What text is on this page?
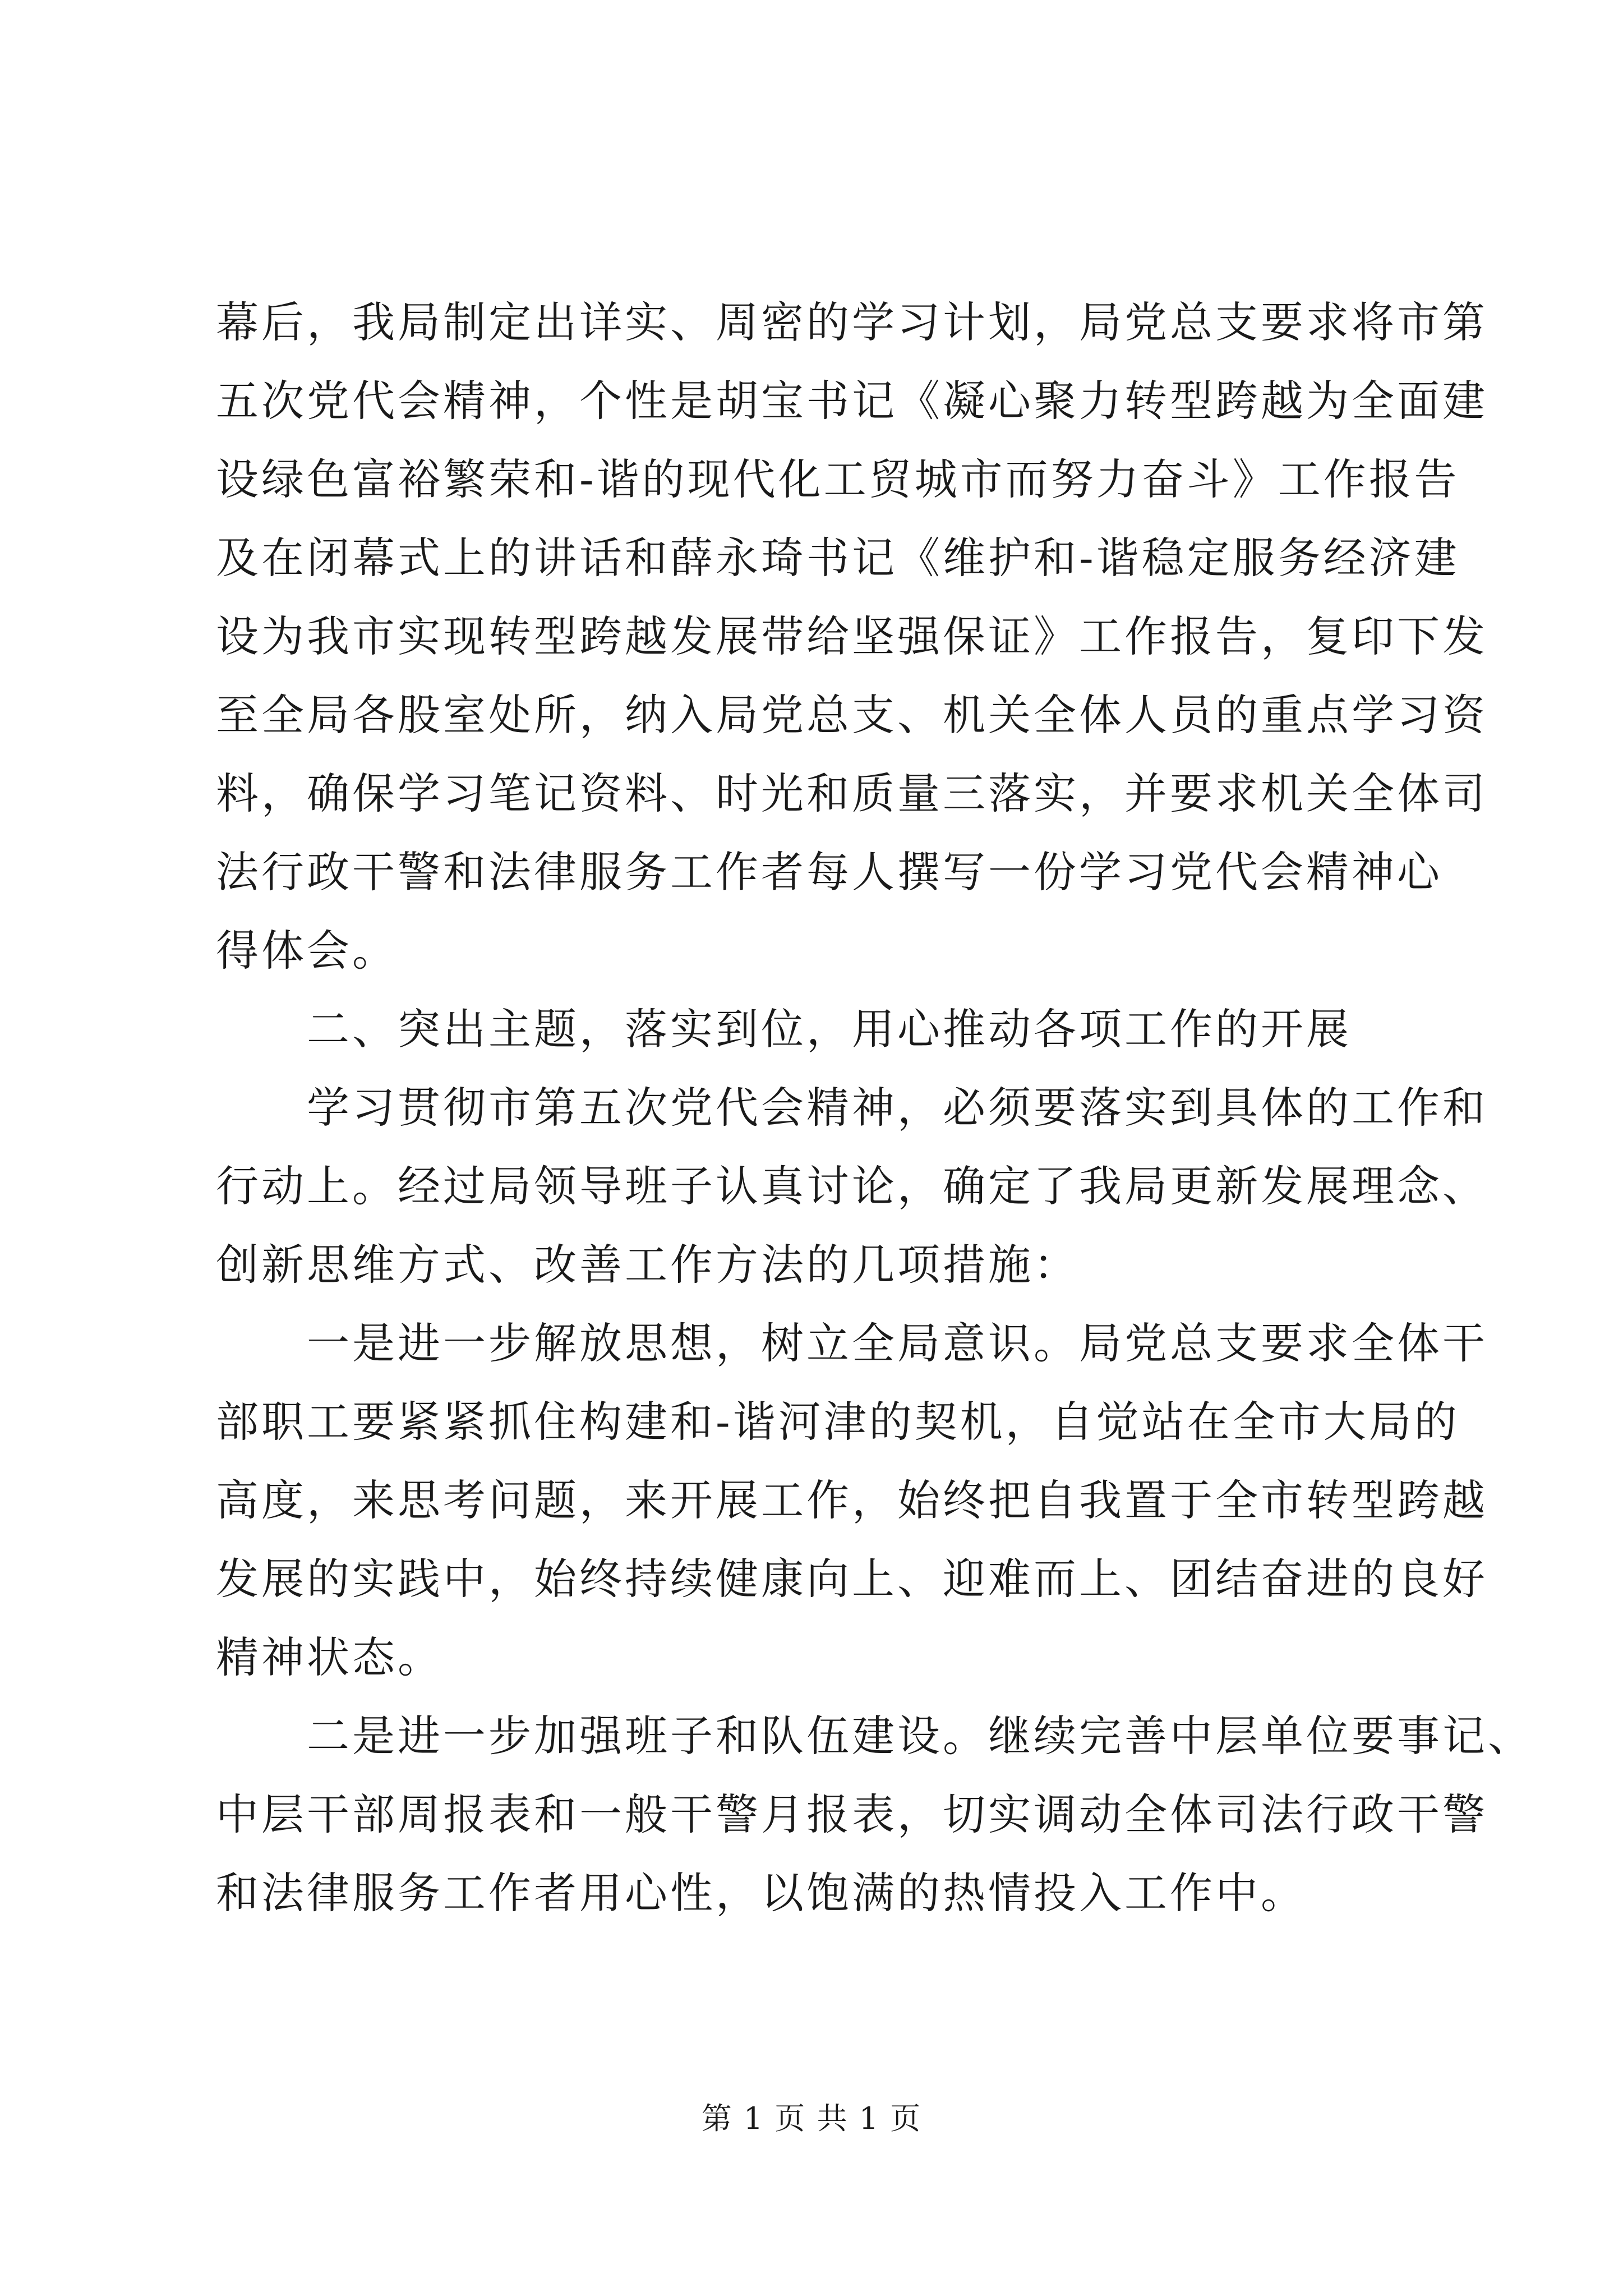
幕后，我局制定出详实、周密的学习计划，局党总支要求将市第
五次党代会精神，个性是胡宝书记《凝心聚力转型跨越为全面建
设绿色富裕繁荣和-谐的现代化工贸城市而努力奋斗》工作报告
及在闭幕式上的讲话和薛永琦书记《维护和-谐稳定服务经济建
设为我市实现转型跨越发展带给坚强保证》工作报告，复印下发
至全局各股室处所，纳入局党总支、机关全体人员的重点学习资
料，确保学习笔记资料、时光和质量三落实，并要求机关全体司
法行政干警和法律服务工作者每人撰写一份学习党代会精神心
得体会。
　　二、突出主题，落实到位，用心推动各项工作的开展
　　学习贯彻市第五次党代会精神，必须要落实到具体的工作和
行动上。经过局领导班子认真讨论，确定了我局更新发展理念、
创新思维方式、改善工作方法的几项措施：
　　一是进一步解放思想，树立全局意识。局党总支要求全体干
部职工要紧紧抓住构建和-谐河津的契机，自觉站在全市大局的
高度，来思考问题，来开展工作，始终把自我置于全市转型跨越
发展的实践中，始终持续健康向上、迎难而上、团结奋进的良好
精神状态。
　　二是进一步加强班子和队伍建设。继续完善中层单位要事记、
中层干部周报表和一般干警月报表，切实调动全体司法行政干警
和法律服务工作者用心性，以饱满的热情投入工作中。
第 1 页 共 1 页
